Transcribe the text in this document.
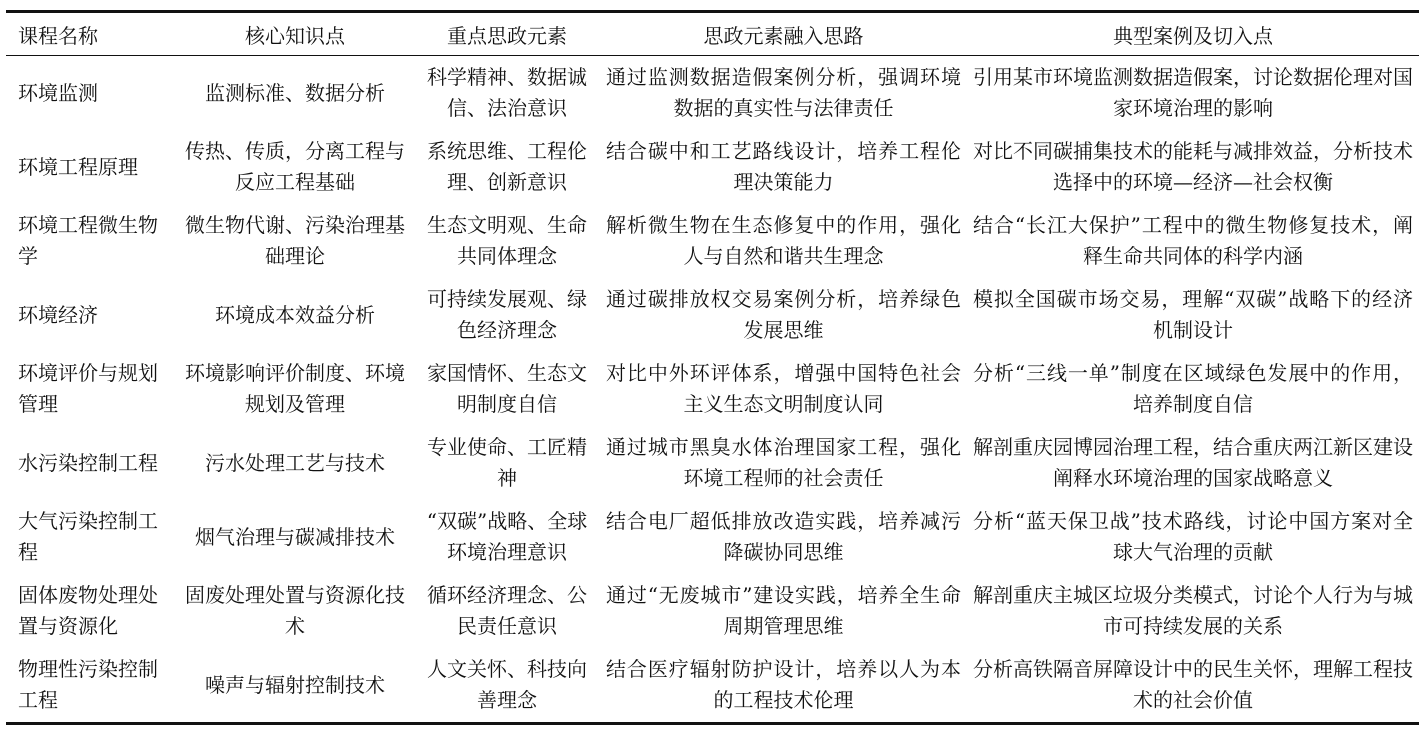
课程名称	核心知识点	重点思政元素	思政元素融入思路	典型案例及切入点
环境监测	监测标准、数据分析	科学精神、数据诚信、法治意识	通过监测数据造假案例分析，强调环境数据的真实性与法律责任	引用某市环境监测数据造假案，讨论数据伦理对国家环境治理的影响
环境工程原理	传热、传质，分离工程与反应工程基础	系统思维、工程伦理、创新意识	结合碳中和工艺路线设计，培养工程伦理决策能力	对比不同碳捕集技术的能耗与减排效益，分析技术选择中的环境—经济—社会权衡
环境工程微生物学	微生物代谢、污染治理基础理论	生态文明观、生命共同体理念	解析微生物在生态修复中的作用，强化人与自然和谐共生理念	结合“长江大保护”工程中的微生物修复技术，阐释生命共同体的科学内涵
环境经济	环境成本效益分析	可持续发展观、绿色经济理念	通过碳排放权交易案例分析，培养绿色发展思维	模拟全国碳市场交易，理解“双碳”战略下的经济机制设计
环境评价与规划管理	环境影响评价制度、环境规划及管理	家国情怀、生态文明制度自信	对比中外环评体系，增强中国特色社会主义生态文明制度认同	分析“三线一单”制度在区域绿色发展中的作用，培养制度自信
水污染控制工程	污水处理工艺与技术	专业使命、工匠精神	通过城市黑臭水体治理国家工程，强化环境工程师的社会责任	解剖重庆园博园治理工程，结合重庆两江新区建设阐释水环境治理的国家战略意义
大气污染控制工程	烟气治理与碳减排技术	“双碳”战略、全球环境治理意识	结合电厂超低排放改造实践，培养减污降碳协同思维	分析“蓝天保卫战”技术路线，讨论中国方案对全球大气治理的贡献
固体废物处理处置与资源化	固废处理处置与资源化技术	循环经济理念、公民责任意识	通过“无废城市”建设实践，培养全生命周期管理思维	解剖重庆主城区垃圾分类模式，讨论个人行为与城市可持续发展的关系
物理性污染控制工程	噪声与辐射控制技术	人文关怀、科技向善理念	结合医疗辐射防护设计，培养以人为本的工程技术伦理	分析高铁隔音屏障设计中的民生关怀，理解工程技术的社会价值
